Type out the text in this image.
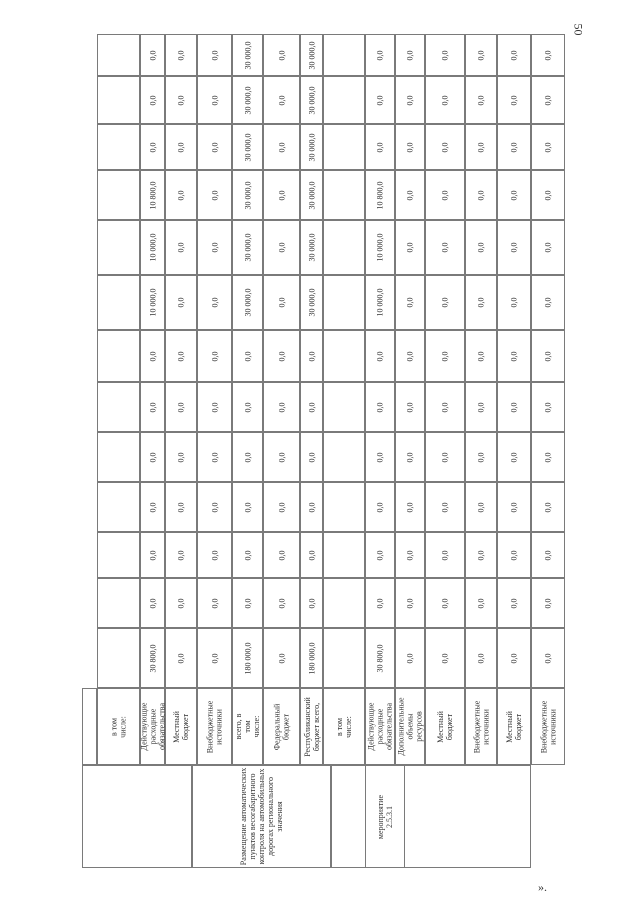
50
».
в том числе: Действующие расходные обязательства
30 800,0
0,0
0,0
0,0
0,0
0,0
0,0
10 000,0
10 000,0
10 800,0
0,0
0,0
0,0
Местный бюджет
0,0
0,0
0,0
0,0
0,0
0,0
0,0
0,0
0,0
0,0
0,0
0,0
0,0
Внебюджетные источники
0,0
0,0
0,0
0,0
0,0
0,0
0,0
0,0
0,0
0,0
0,0
0,0
0,0
всего, в том числе:
180 000,0
0,0
0,0
0,0
0,0
0,0
0,0
30 000,0
30 000,0
30 000,0
30 000,0
30 000,0
30 000,0
Федеральный бюджет
0,0
0,0
0,0
0,0
0,0
0,0
0,0
0,0
0,0
0,0
0,0
0,0
0,0
Республиканский бюджет всего,
180 000,0
0,0
0,0
0,0
0,0
0,0
0,0
30 000,0
30 000,0
30 000,0
30 000,0
30 000,0
30 000,0
в том числе: Действующие расходные обязательства
30 800,0
0,0
0,0
0,0
0,0
0,0
0,0
10 000,0
10 000,0
10 800,0
0,0
0,0
0,0
Дополнительные объемы ресурсов
0,0
0,0
0,0
0,0
0,0
0,0
0,0
0,0
0,0
0,0
0,0
0,0
0,0
Местный бюджет
0,0
0,0
0,0
0,0
0,0
0,0
0,0
0,0
0,0
0,0
0,0
0,0
0,0
Внебюджетные источники
0,0
0,0
0,0
0,0
0,0
0,0
0,0
0,0
0,0
0,0
0,0
0,0
0,0
Местный бюджет
0,0
0,0
0,0
0,0
0,0
0,0
0,0
0,0
0,0
0,0
0,0
0,0
0,0
Внебюджетные источники
0,0
0,0
0,0
0,0
0,0
0,0
0,0
0,0
0,0
0,0
0,0
0,0
0,0
Размещение автоматических пунктов весогабаритного контроля на автомобильных дорогах регионального значения	мероприятие 2.5.3.1
